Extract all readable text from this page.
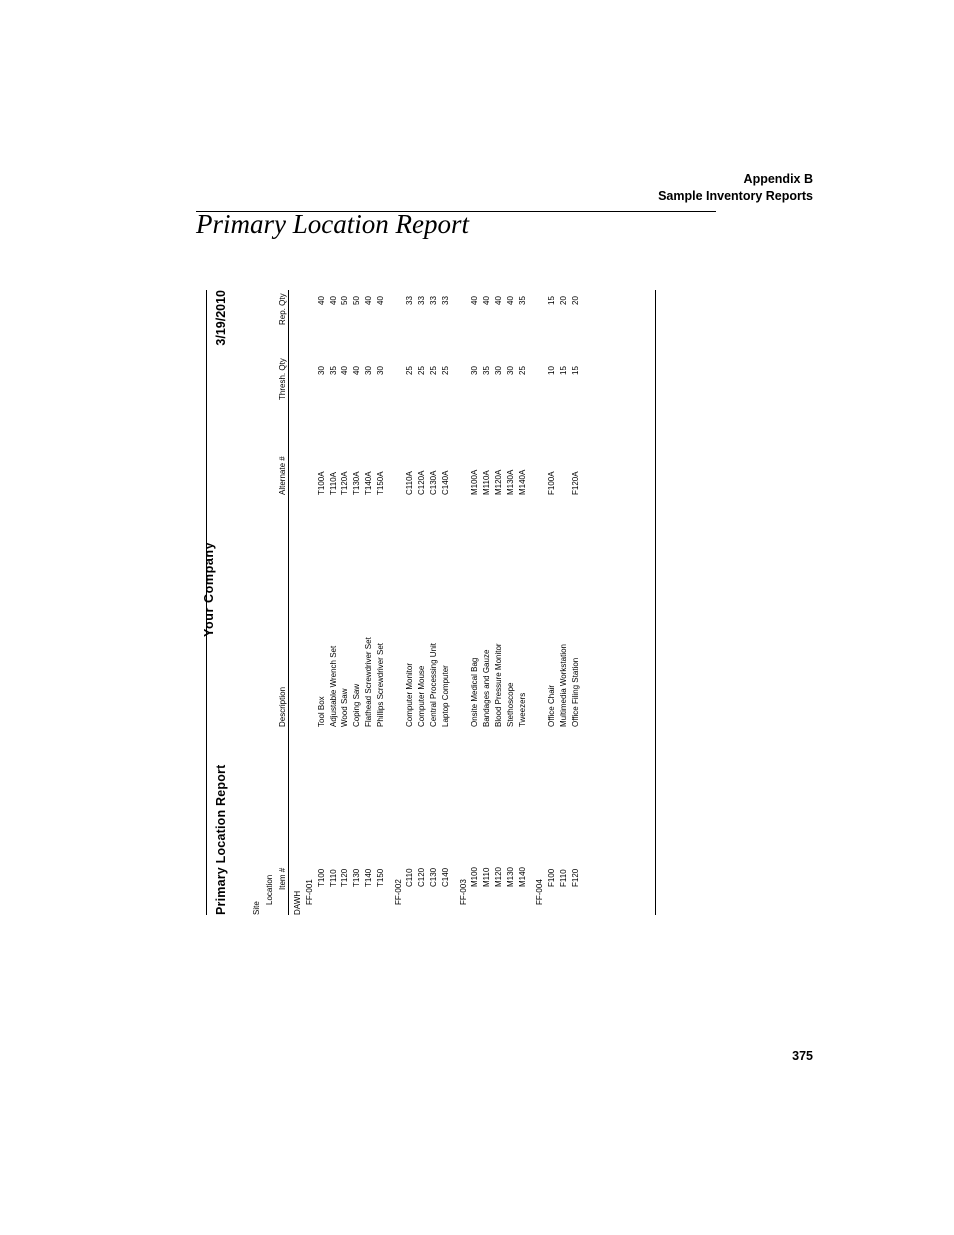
Appendix B
Sample Inventory Reports
Primary Location Report
Primary Location Report
Your Company
3/19/2010
Site
Location Item #
Description
Alternate #
Thresh. Qty
Rep. Qty
DAWH FF-001
T100
Tool Box
T100A
30
40
T110
Adjustable Wrench Set
T110A
35
40
T120
Wood Saw
T120A
40
50
T130
Coping Saw
T130A
40
50
T140
Flathead Screwdriver Set
T140A
30
40
T150
Phillips Screwdriver Set
T150A
30
40
FF-002
C110
Computer Monitor
C110A
25
33
C120
Computer Mouse
C120A
25
33
C130
Central Processing Unit
C130A
25
33
C140
Laptop Computer
C140A
25
33
FF-003
M100
Onsite Medical Bag
M100A
30
40
M110
Bandages and Gauze
M110A
35
40
M120
Blood Pressure Monitor
M120A
30
40
M130
Stethoscope
M130A
30
40
M140
Tweezers
M140A
25
35
FF-004
F100
Office Chair
F100A
10
15
F110
Multimedia Workstation
15
20
F120
Office Filing Station
F120A
15
20
375
